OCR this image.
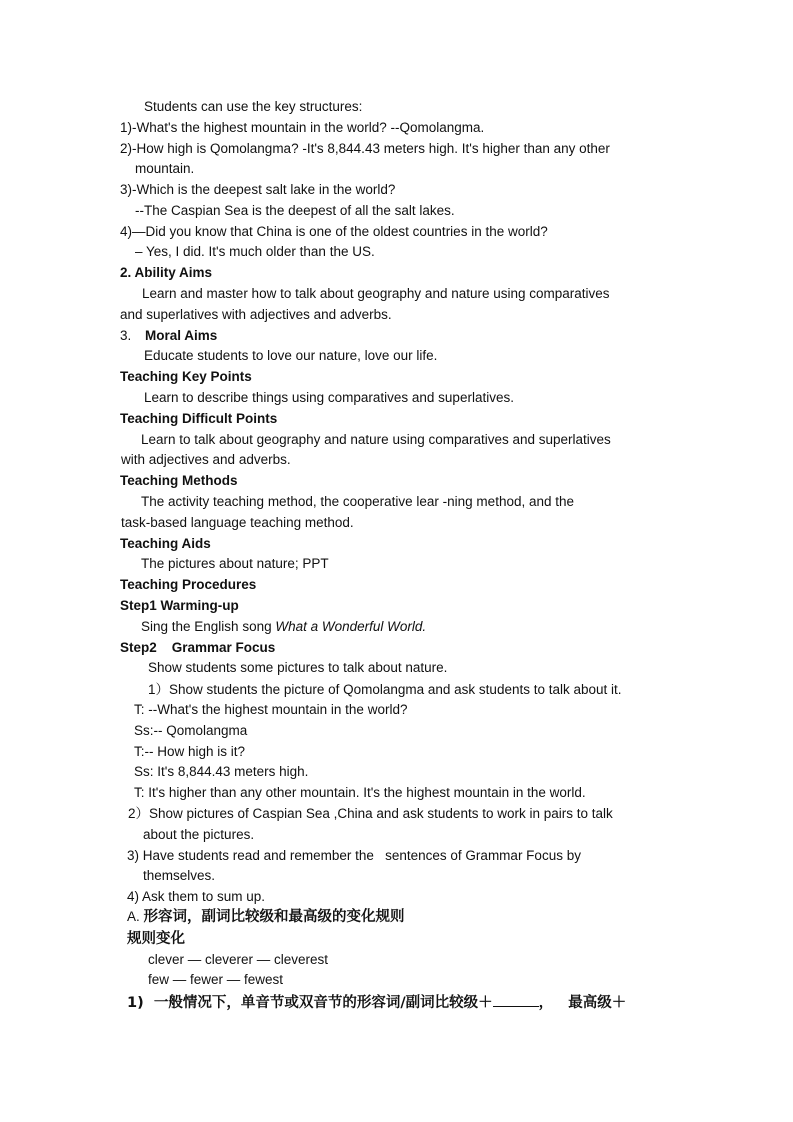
Students can use the key structures:
1)-What's the highest mountain in the world? --Qomolangma.
2)-How high is Qomolangma? -It's 8,844.43 meters high. It's higher than any other
mountain.
3)-Which is the deepest salt lake in the world?
--The Caspian Sea is the deepest of all the salt lakes.
4)—Did you know that China is one of the oldest countries in the world?
– Yes, I did. It's much older than the US.
2. Ability Aims
Learn and master how to talk about geography and nature using comparatives
and superlatives with adjectives and adverbs.
3. Moral Aims
Educate students to love our nature, love our life.
Teaching Key Points
Learn to describe things using comparatives and superlatives.
Teaching Difficult Points
Learn to talk about geography and nature using comparatives and superlatives
with adjectives and adverbs.
Teaching Methods
The activity teaching method, the cooperative lear -ning method, and the
task-based language teaching method.
Teaching Aids
The pictures about nature; PPT
Teaching Procedures
Step1 Warming-up
Sing the English song What a Wonderful World.
Step2    Grammar Focus
Show students some pictures to talk about nature.
1）Show students the picture of Qomolangma and ask students to talk about it.
T: --What's the highest mountain in the world?
Ss:-- Qomolangma
T:-- How high is it?
Ss: It's 8,844.43 meters high.
T: It's higher than any other mountain. It's the highest mountain in the world.
2）Show pictures of Caspian Sea ,China and ask students to work in pairs to talk
about the pictures.
3) Have students read and remember the   sentences of Grammar Focus by
themselves.
4) Ask them to sum up.
A. 形容词，副词比较级和最高级的变化规则
规则变化
clever — cleverer — cleverest
few — fewer — fewest
1) 一般情况下，单音节或双音节的形容词/副词比较级＋	， 最高级＋
